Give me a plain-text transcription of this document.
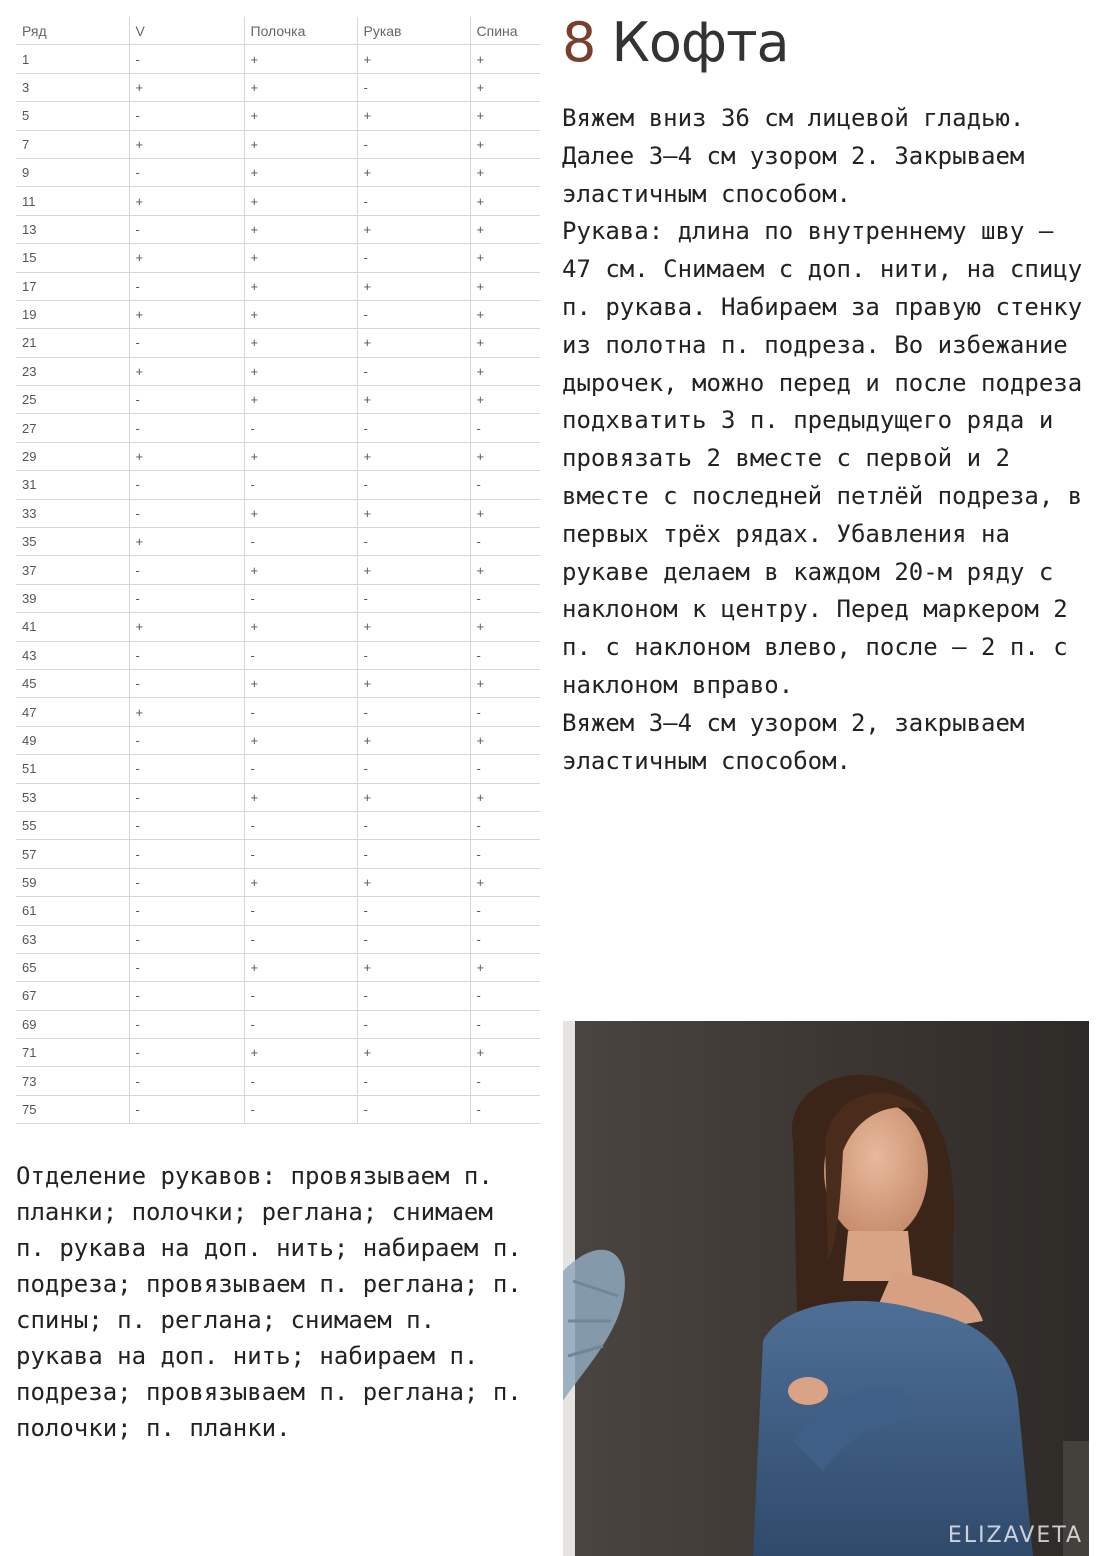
Ряд	V	Полочка	Рукав	Спина
1	-	+	+	+
3	+	+	-	+
5	-	+	+	+
7	+	+	-	+
9	-	+	+	+
11	+	+	-	+
13	-	+	+	+
15	+	+	-	+
17	-	+	+	+
19	+	+	-	+
21	-	+	+	+
23	+	+	-	+
25	-	+	+	+
27	-	-	-	-
29	+	+	+	+
31	-	-	-	-
33	-	+	+	+
35	+	-	-	-
37	-	+	+	+
39	-	-	-	-
41	+	+	+	+
43	-	-	-	-
45	-	+	+	+
47	+	-	-	-
49	-	+	+	+
51	-	-	-	-
53	-	+	+	+
55	-	-	-	-
57	-	-	-	-
59	-	+	+	+
61	-	-	-	-
63	-	-	-	-
65	-	+	+	+
67	-	-	-	-
69	-	-	-	-
71	-	+	+	+
73	-	-	-	-
75	-	-	-	-

Отделение рукавов: провязываем п. планки; полочки; реглана; снимаем п. рукава на доп. нить; набираем п. подреза; провязываем п. реглана; п. спины; п. реглана; снимаем п. рукава на доп. нить; набираем п. подреза; провязываем п. реглана; п. полочки; п. планки.

8 Кофта

Вяжем вниз 36 см лицевой гладью.

Далее 3–4 см узором 2. Закрываем эластичным способом.

Рукава: длина по внутреннему шву – 47 см. Снимаем с доп. нити, на спицу п. рукава. Набираем за правую стенку из полотна п. подреза. Во избежание дырочек, можно перед и после подреза подхватить 3 п. предыдущего ряда и провязать 2 вместе с первой и 2 вместе с последней петлёй подреза, в первых трёх рядах. Убавления на рукаве делаем в каждом 20-м ряду с наклоном к центру. Перед маркером 2 п. с наклоном влево, после – 2 п. с наклоном вправо.

Вяжем 3–4 см узором 2, закрываем эластичным способом.

ELIZAVETA
